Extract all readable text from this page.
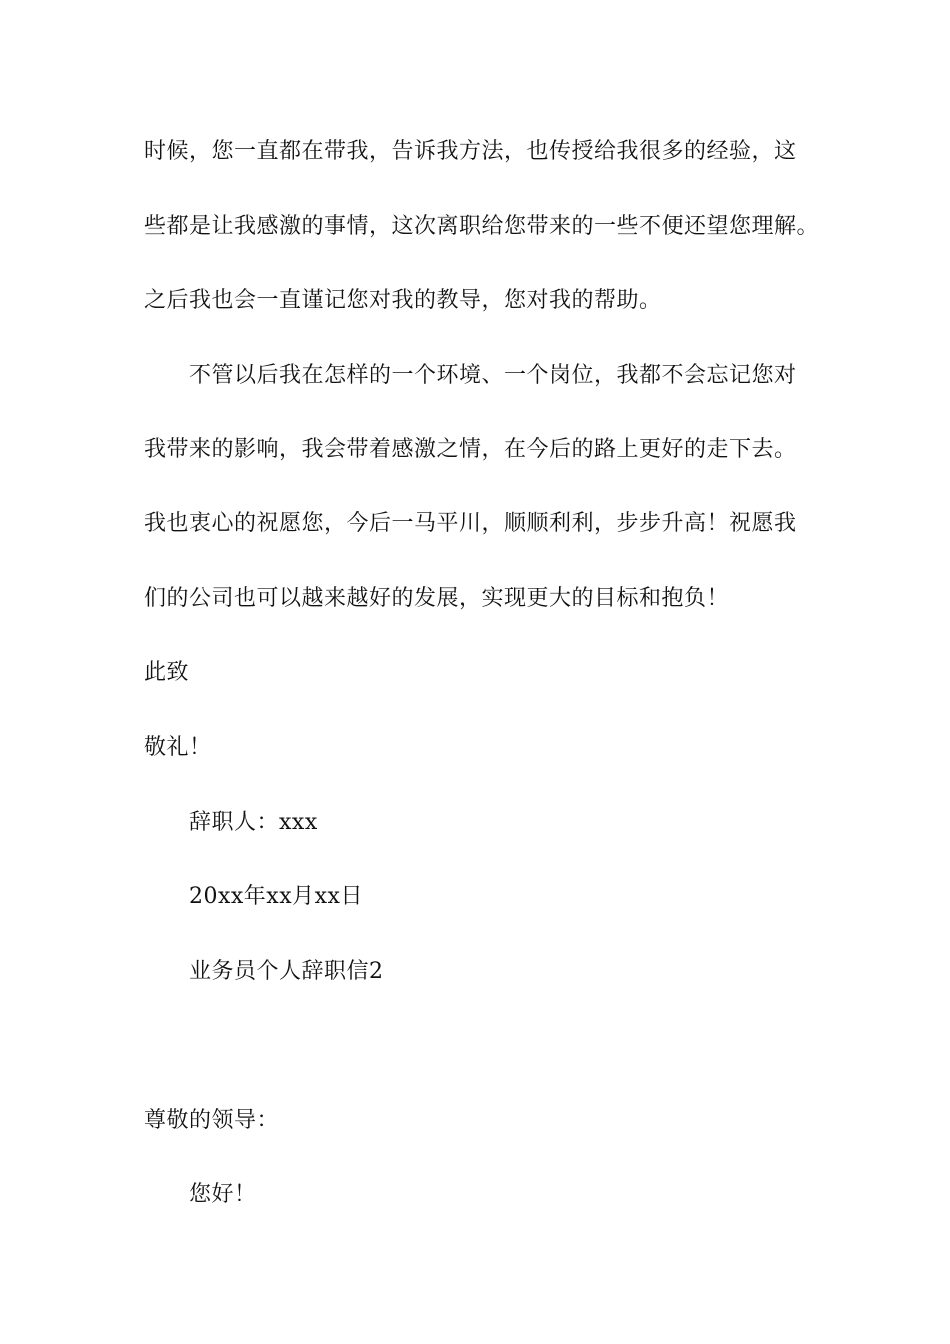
时候，您一直都在带我，告诉我方法，也传授给我很多的经验，这
些都是让我感激的事情，这次离职给您带来的一些不便还望您理解。
之后我也会一直谨记您对我的教导，您对我的帮助。
不管以后我在怎样的一个环境、一个岗位，我都不会忘记您对
我带来的影响，我会带着感激之情，在今后的路上更好的走下去。
我也衷心的祝愿您，今后一马平川，顺顺利利，步步升高！祝愿我
们的公司也可以越来越好的发展，实现更大的目标和抱负！
此致
敬礼！
辞职人：xxx
20xx年xx月xx日
业务员个人辞职信2
尊敬的领导：
您好！
